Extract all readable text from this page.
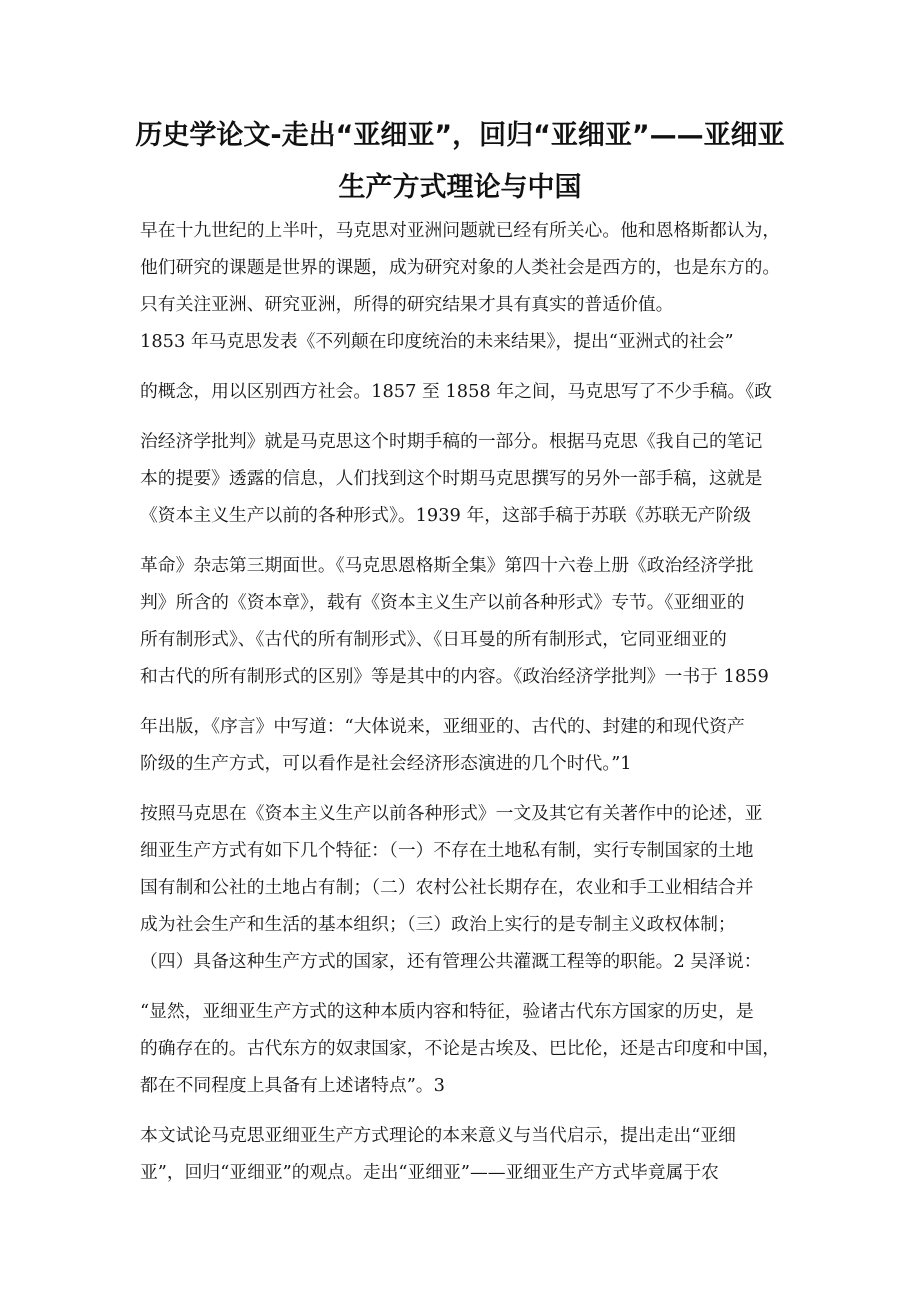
历史学论文-走出“亚细亚”，回归“亚细亚”——亚细亚
生产方式理论与中国
早在十九世纪的上半叶，马克思对亚洲问题就已经有所关心。他和恩格斯都认为，
他们研究的课题是世界的课题，成为研究对象的人类社会是西方的，也是东方的。
只有关注亚洲、研究亚洲，所得的研究结果才具有真实的普适价值。
1853 年马克思发表《不列颠在印度统治的未来结果》，提出“亚洲式的社会”
的概念，用以区别西方社会。1857 至 1858 年之间，马克思写了不少手稿。《政
治经济学批判》就是马克思这个时期手稿的一部分。根据马克思《我自己的笔记
本的提要》透露的信息，人们找到这个时期马克思撰写的另外一部手稿，这就是
《资本主义生产以前的各种形式》。1939 年，这部手稿于苏联《苏联无产阶级
革命》杂志第三期面世。《马克思恩格斯全集》第四十六卷上册《政治经济学批
判》所含的《资本章》，载有《资本主义生产以前各种形式》专节。《亚细亚的
所有制形式》、《古代的所有制形式》、《日耳曼的所有制形式，它同亚细亚的
和古代的所有制形式的区别》等是其中的内容。《政治经济学批判》一书于 1859
年出版，《序言》中写道：“大体说来，亚细亚的、古代的、封建的和现代资产
阶级的生产方式，可以看作是社会经济形态演进的几个时代。”1
按照马克思在《资本主义生产以前各种形式》一文及其它有关著作中的论述，亚
细亚生产方式有如下几个特征：（一）不存在土地私有制，实行专制国家的土地
国有制和公社的土地占有制；（二）农村公社长期存在，农业和手工业相结合并
成为社会生产和生活的基本组织；（三）政治上实行的是专制主义政权体制；
（四）具备这种生产方式的国家，还有管理公共灌溉工程等的职能。2 吴泽说：
“显然，亚细亚生产方式的这种本质内容和特征，验诸古代东方国家的历史，是
的确存在的。古代东方的奴隶国家，不论是古埃及、巴比伦，还是古印度和中国，
都在不同程度上具备有上述诸特点”。3
本文试论马克思亚细亚生产方式理论的本来意义与当代启示，提出走出“亚细
亚”，回归“亚细亚”的观点。走出“亚细亚”——亚细亚生产方式毕竟属于农
